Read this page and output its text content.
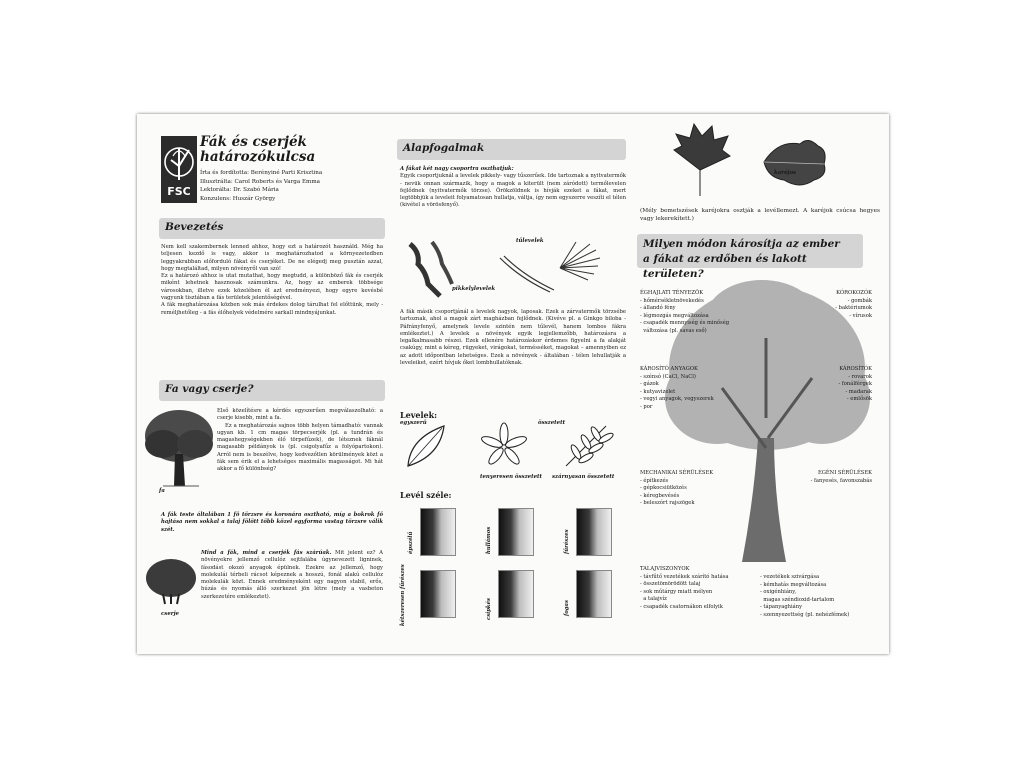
FSC
Fák és cserjék
határozókulcsa
Írta és fordította: Berényiné Parti Krisztina
Illusztrálta: Carol Roberts és Varga Emma
Lektorálta: Dr. Szabó Mária
Konzulens: Huszár György
Bevezetés

Nem kell szakembernek lenned ahhoz, hogy ezt a határozót használd. Még ha teljesen kezdő is vagy, akkor is meghatározhatod a környezetedben leggyakrabban előforduló fákat és cserjéket. De ne elégedj meg pusztán azzal, hogy megtaláltad, milyen növényről van szó!

Ez a határozó ahhoz is utat mutathat, hogy megtudd, a különböző fák és cserjék miként lehetnek hasznosak számunkra. Az, hogy az emberek többsége városokban, illetve ezek közelében él azt eredményezi, hogy egyre kevésbé vagyunk tisztában a fás területek jelentőségével.

A fák meghatározása közben sok más érdekes dolog tárulhat fel előttünk, mely - reméljhetőleg - a fás élőhelyek védelmére sarkall mindnyájunkat.

Fa vagy cserje?
fa

Első közelítésre a kérdés egyszerűen megválaszolható: a cserje kisebb, mint a fa.

Ez a meghatározás sajnos több helyen támadható: vannak ugyan kb. 1 cm magas törpecserjék (pl. a tundrán és magashegységekben élő törpefűzek), de léteznek fáknál magasabb példányok is (pl. csigolyafűz a folyópartokon). Arról nem is beszélve, hogy kedvezőtlen körülmények közt a fák sem érik el a lehetséges maximális magasságot. Mi hát akkor a fő különbség?

A fák teste általában 1 fő törzsre és koronára osztható, míg a bokrok fő hajtása nem sokkal a talaj fölött több közel egyforma vastag törzsre válik szét.

Mind a fák, mind a cserjék fás szárúak. Mit jelent ez? A növényekre jellemző cellulóz sejtfalába úgynevezett ligninek, fásodást okozó anyagok épülnek. Ezekre az jellemző, hogy molekulái térbeli rácsot képeznek a hosszú, fonál alakú cellulóz molekulák közt. Ennek eredményeként egy nagyon stabil, erős, húzás és nyomás álló szerkezet jön létre (mely a vasbeton szerkezetére emlékeztet).

cserje
Alapfogalmak

A fákat két nagy csoportra oszthatjuk:

Egyik csoportjuknál a levelek pikkely- vagy tűszerűek. Ide tartoznak a nyitvatermők - nevük onnan származik, hogy a magok a kiterült (nem záródott) termőlevelen fejlődnek (nyitvatermők törzse). Örökzöldnek is hívják ezeket a fákat, mert legtöbbjük a leveleit folyamatosan hullatja, váltja, így nem egyszerre veszíti el télen (kivétel a vörösfenyő).

tűlevelek
pikkelylevelek

A fák másik csoportjánál a levelek nagyok, laposak. Ezek a zárvatermők törzsébe tartoznak, ahol a magok zárt magházban fejlődnek. (Kivéve pl. a Ginkgo biloba -Páfrányfenyő, amelynek levele szintén nem tűlevél, hanem lombos fákra emlékeztet.) A levelek a növények egyik legjellemzőbb, határozásra a legalkalmasabb részei. Ezek ellenére határozáskor érdemes figyelni a fa alakját csakúgy, mint a kéreg, rügyeket, virágokat, termésséket, magokat – amennyiben ez az adott időpontban lehetséges. Ezek a növények - általában - télen lehullatják a leveleiket, ezért hívjuk őket lombhullatóknak.

Levelek:
egyszerű	összetett
tenyeresen összetett szárnyasan összetett
Levél széle:
épszélű	hullámos	fűrészes
kétszeresen fűrészes	csipkés	fogas
karéjos
(Mély bemetszések karéjokra osztják a levéllemezt. A karéjok csúcsa hegyes vagy lekerekített.)
Milyen módon károsítja az ember
a fákat az erdőben és lakott területen?
ÉGHAJLATI TÉNYEZŐK
- hőmérsékletnövekedés
- állandó fény
- légmozgás megváltozása
- csapadék mennyiség és minőség
változása (pl. savas eső)
KÓROKOZÓK
- gombák
- baktériumok
- vírusok
KÁROSÍTÓ ANYAGOK
- szénsó (CaCl, NaCl)
- gázok
- kutyavizelet
- vegyi anyagok, vegyszerek
- por
KÁROSÍTÓK
- rovarok
- fonálférgek
- madarak
- emlősök
MECHANIKAI SÉRÜLÉSEK
- építkezés
- gépkocsiütközés
- kéregbevésés
- beleszórt rajszögek
EGÉNI SÉRÜLÉSEK
- fanyesés, favonszabás
TALAJVISZONYOK
- távfűtő vezetékek szárító hatása
- összetömörödött talaj
- sok műtárgy miatt mélyen
a talajvíz
- csapadék csatornákon elfolyik
- vezetékek szivárgása
- kémhatás megváltozása
- oxigénhiány,
magas széndioxid-tartalom
- tápanyaghiány
- szennyezettség (pl. nehézfémek)
